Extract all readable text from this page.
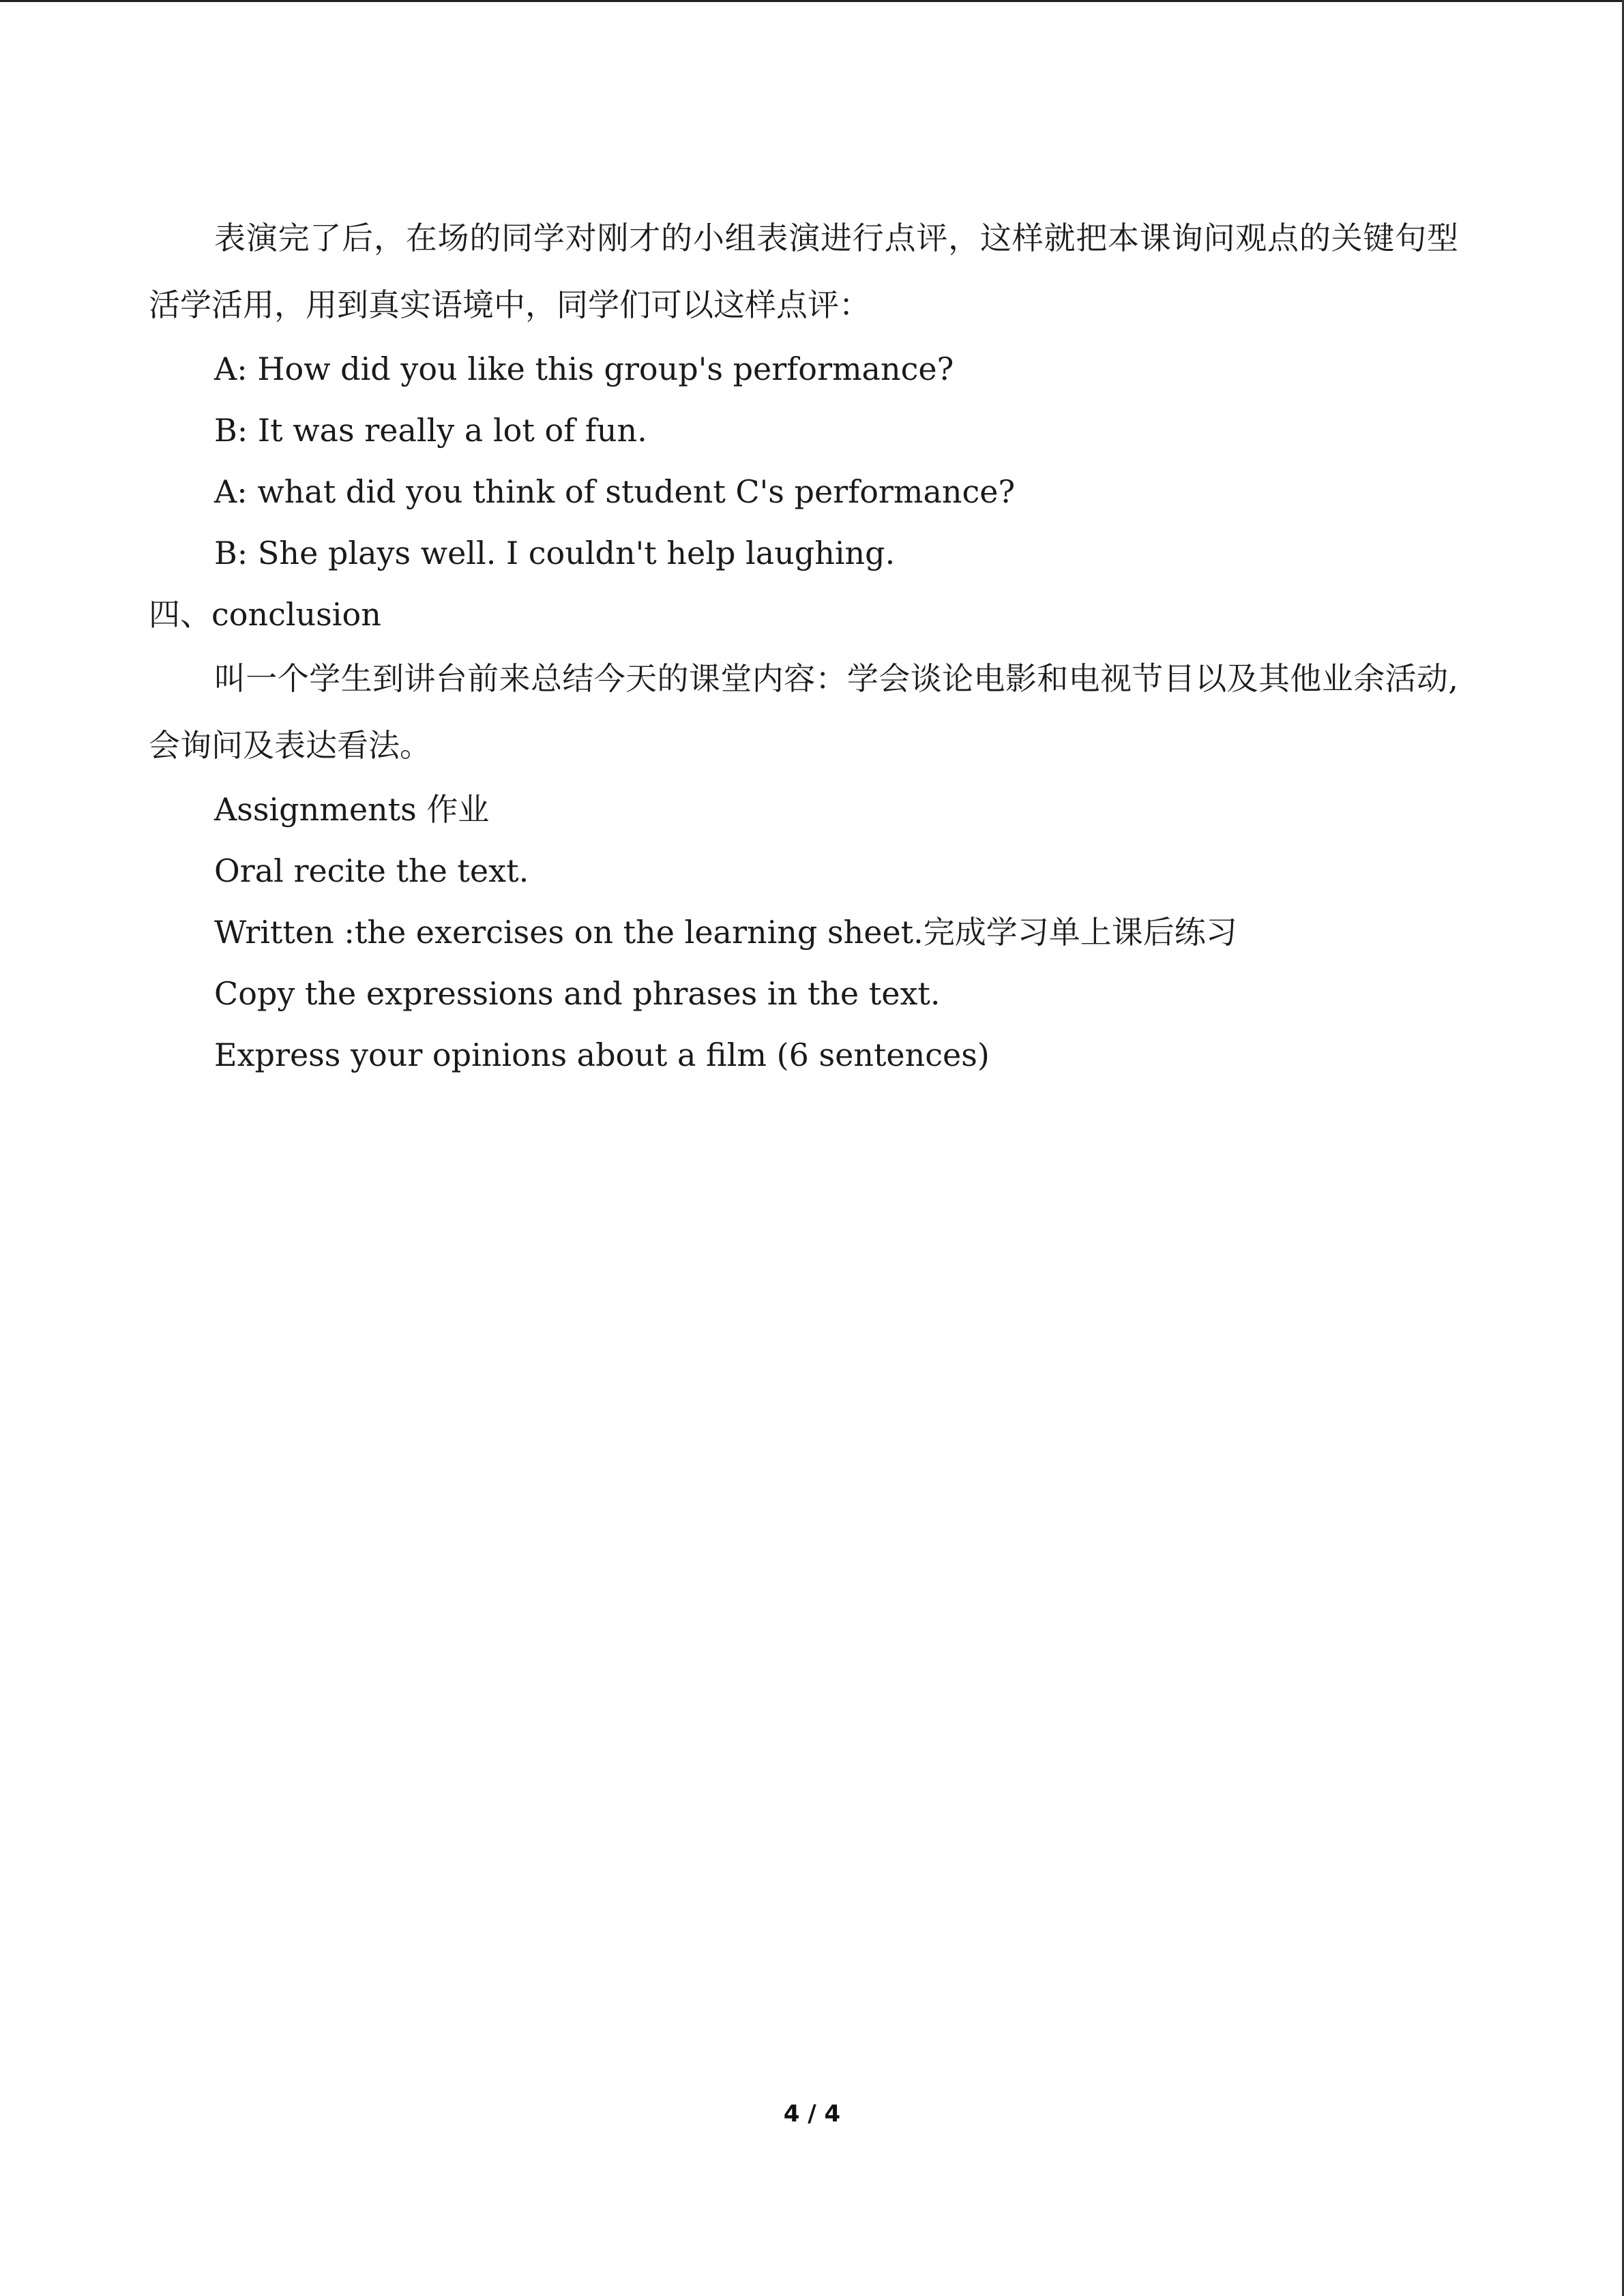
表演完了后，在场的同学对刚才的小组表演进行点评，这样就把本课询问观点的关键句型活学活用，用到真实语境中，同学们可以这样点评：

A: How did you like this group's performance?

B: It was really a lot of fun.

A: what did you think of student C's performance?

B: She plays well. I couldn't help laughing.

四、conclusion

叫一个学生到讲台前来总结今天的课堂内容：学会谈论电影和电视节目以及其他业余活动,会询问及表达看法。

Assignments 作业

Oral recite the text.

Written :the exercises on the learning sheet.完成学习单上课后练习

Copy the expressions and phrases in the text.

Express your opinions about a film (6 sentences)

4 / 4
